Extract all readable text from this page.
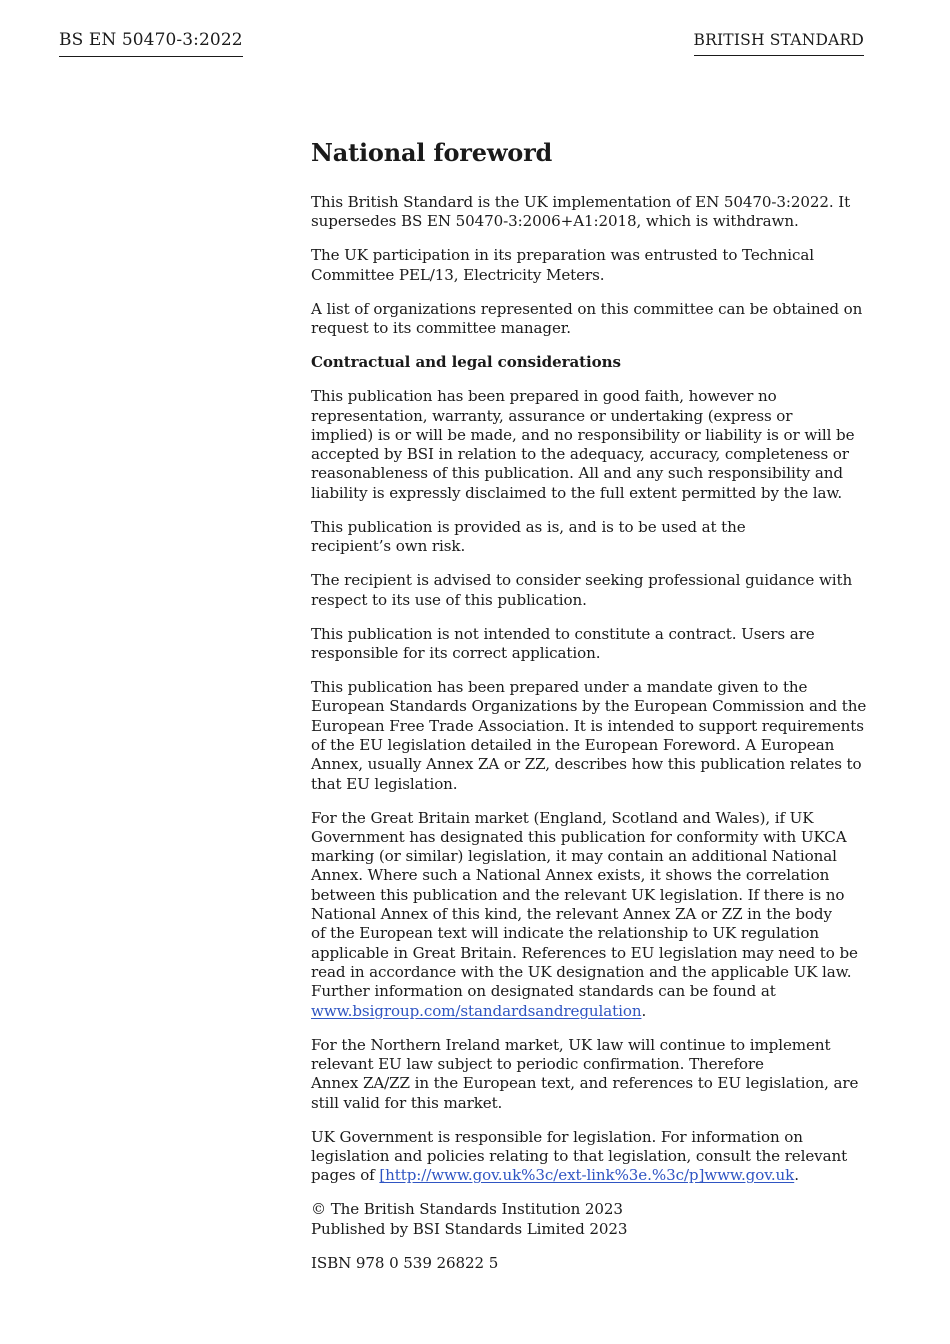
BS EN 50470-3:2022	BRITISH STANDARD
National foreword

This British Standard is the UK implementation of EN 50470-3:2022. It
supersedes BS EN 50470-3:2006+A1:2018, which is withdrawn.

The UK participation in its preparation was entrusted to Technical
Committee PEL/13, Electricity Meters.

A list of organizations represented on this committee can be obtained on
request to its committee manager.

Contractual and legal considerations

This publication has been prepared in good faith, however no
representation, warranty, assurance or undertaking (express or
implied) is or will be made, and no responsibility or liability is or will be
accepted by BSI in relation to the adequacy, accuracy, completeness or
reasonableness of this publication. All and any such responsibility and
liability is expressly disclaimed to the full extent permitted by the law.

This publication is provided as is, and is to be used at the
recipient’s own risk.

The recipient is advised to consider seeking professional guidance with
respect to its use of this publication.

This publication is not intended to constitute a contract. Users are
responsible for its correct application.

This publication has been prepared under a mandate given to the
European Standards Organizations by the European Commission and the
European Free Trade Association. It is intended to support requirements
of the EU legislation detailed in the European Foreword. A European
Annex, usually Annex ZA or ZZ, describes how this publication relates to
that EU legislation.

For the Great Britain market (England, Scotland and Wales), if UK
Government has designated this publication for conformity with UKCA
marking (or similar) legislation, it may contain an additional National
Annex. Where such a National Annex exists, it shows the correlation
between this publication and the relevant UK legislation. If there is no
National Annex of this kind, the relevant Annex ZA or ZZ in the body
of the European text will indicate the relationship to UK regulation
applicable in Great Britain. References to EU legislation may need to be
read in accordance with the UK designation and the applicable UK law.
Further information on designated standards can be found at
www.bsigroup.com/standardsandregulation.

For the Northern Ireland market, UK law will continue to implement
relevant EU law subject to periodic confirmation. Therefore
Annex ZA/ZZ in the European text, and references to EU legislation, are
still valid for this market.

UK Government is responsible for legislation. For information on
legislation and policies relating to that legislation, consult the relevant
pages of [http://www.gov.uk%3c/ext-link%3e.%3c/p]www.gov.uk.

© The British Standards Institution 2023
Published by BSI Standards Limited 2023

ISBN 978 0 539 26822 5
